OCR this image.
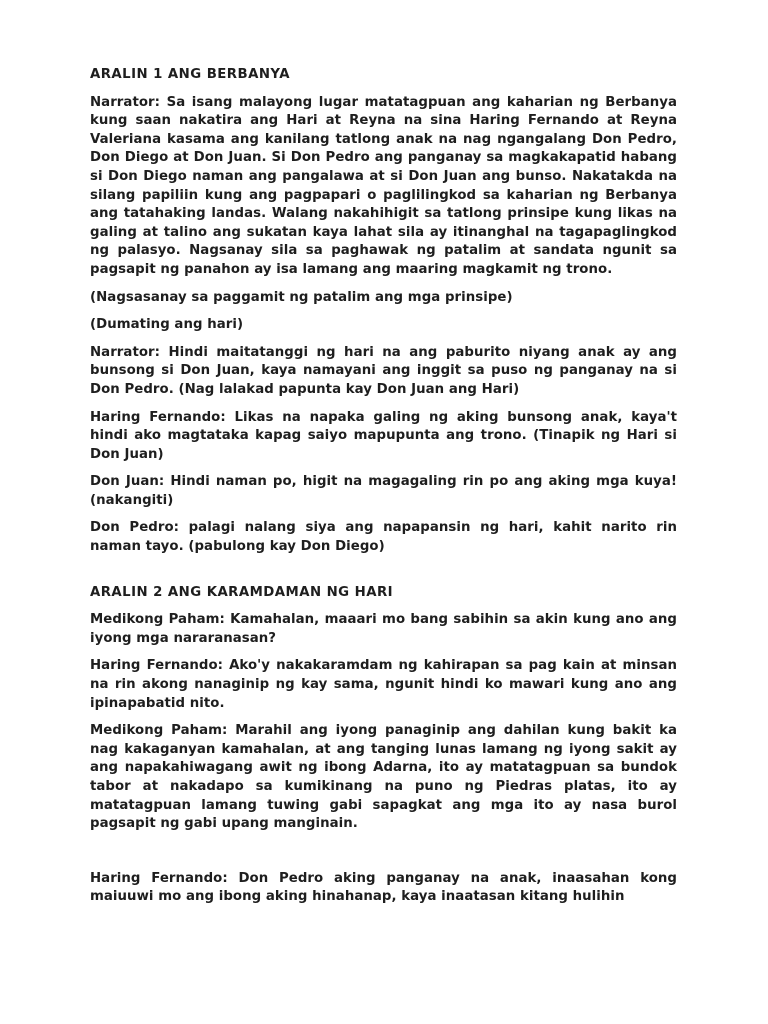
ARALIN 1 ANG BERBANYA
Narrator: Sa isang malayong lugar matatagpuan ang kaharian ng Berbanya kung saan nakatira ang Hari at Reyna na sina Haring Fernando at Reyna Valeriana kasama ang kanilang tatlong anak na nag ngangalang Don Pedro, Don Diego at Don Juan. Si Don Pedro ang panganay sa magkakapatid habang si Don Diego naman ang pangalawa at si Don Juan ang bunso. Nakatakda na silang papiliin kung ang pagpapari o paglilingkod sa kaharian ng Berbanya ang tatahaking landas. Walang nakahihigit sa tatlong prinsipe kung likas na galing at talino ang sukatan kaya lahat sila ay itinanghal na tagapaglingkod ng palasyo. Nagsanay sila sa paghawak ng patalim at sandata ngunit sa pagsapit ng panahon ay isa lamang ang maaring magkamit ng trono.
(Nagsasanay sa paggamit ng patalim ang mga prinsipe)
(Dumating ang hari)
Narrator: Hindi maitatanggi ng hari na ang paburito niyang anak ay ang bunsong si Don Juan, kaya namayani ang inggit sa puso ng panganay na si Don Pedro. (Nag lalakad papunta kay Don Juan ang Hari)
Haring Fernando: Likas na napaka galing ng aking bunsong anak, kaya't hindi ako magtataka kapag saiyo mapupunta ang trono. (Tinapik ng Hari si Don Juan)
Don Juan: Hindi naman po, higit na magagaling rin po ang aking mga kuya! (nakangiti)
Don Pedro: palagi nalang siya ang napapansin ng hari, kahit narito rin naman tayo. (pabulong kay Don Diego)
ARALIN 2 ANG KARAMDAMAN NG HARI
Medikong Paham: Kamahalan, maaari mo bang sabihin sa akin kung ano ang iyong mga nararanasan?
Haring Fernando: Ako'y nakakaramdam ng kahirapan sa pag kain at minsan na rin akong nanaginip ng kay sama, ngunit hindi ko mawari kung ano ang ipinapabatid nito.
Medikong Paham: Marahil ang iyong panaginip ang dahilan kung bakit ka nag kakaganyan kamahalan, at ang tanging lunas lamang ng iyong sakit ay ang napakahiwagang awit ng ibong Adarna, ito ay matatagpuan sa bundok tabor at nakadapo sa kumikinang na puno ng Piedras platas, ito ay matatagpuan lamang tuwing gabi sapagkat ang mga ito ay nasa burol pagsapit ng gabi upang manginain.
Haring Fernando: Don Pedro aking panganay na anak, inaasahan kong maiuuwi mo ang ibong aking hinahanap, kaya inaatasan kitang hulihin
